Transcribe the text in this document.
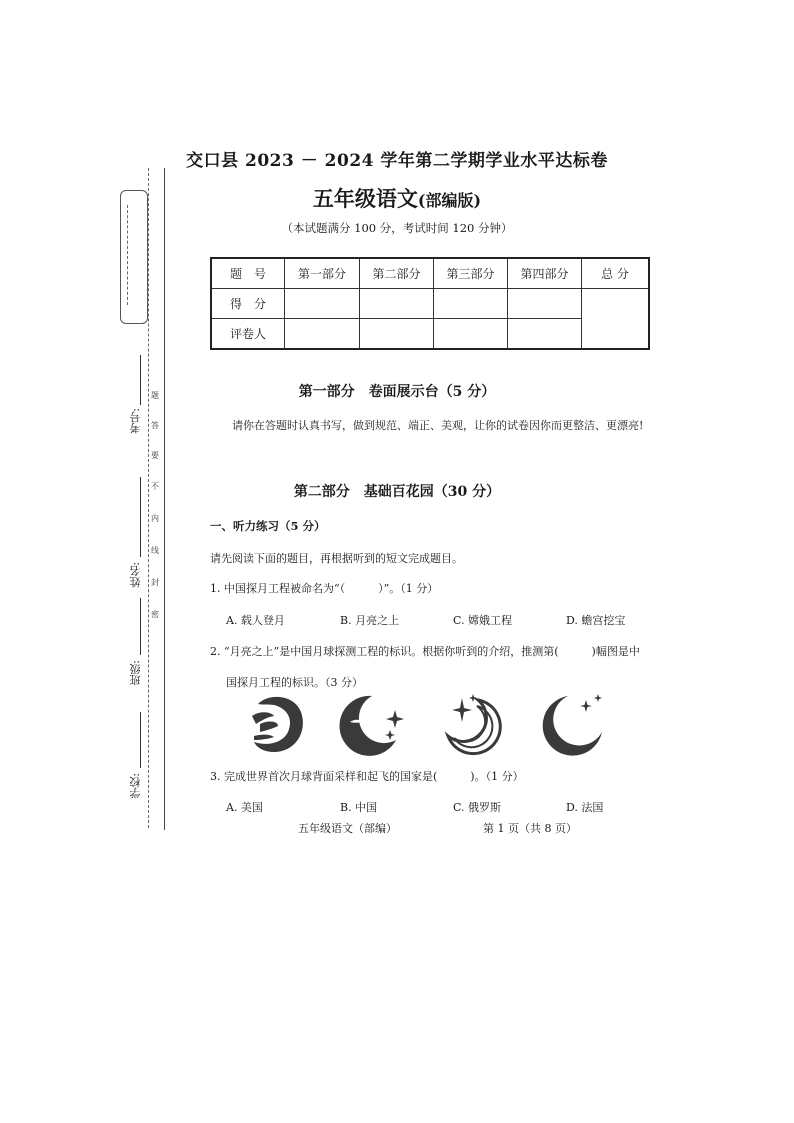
考号:
姓名:
班级:
学校:
题
答
要
不
内
线
封
密
交口县 2023 － 2024 学年第二学期学业水平达标卷
五年级语文(部编版)
（本试题满分 100 分，考试时间 120 分钟）
题　号	第一部分	第二部分	第三部分	第四部分	总 分
得　分					
评卷人					
第一部分　卷面展示台（5 分）
请你在答题时认真书写，做到规范、端正、美观，让你的试卷因你而更整洁、更漂亮!
第二部分　基础百花园（30 分）
一、听力练习（5 分）
请先阅读下面的题目，再根据听到的短文完成题目。
1. 中国探月工程被命名为“（　　　）”。（1 分）
A. 载人登月	B. 月亮之上	C. 嫦娥工程	D. 蟾宫挖宝
2. “月亮之上”是中国月球探测工程的标识。根据你听到的介绍，推测第(　　　)幅图是中
国探月工程的标识。（3 分）
3. 完成世界首次月球背面采样和起飞的国家是(　　　)。（1 分）
A. 美国	B. 中国	C. 俄罗斯	D. 法国
五年级语文（部编）	第 1 页（共 8 页）
